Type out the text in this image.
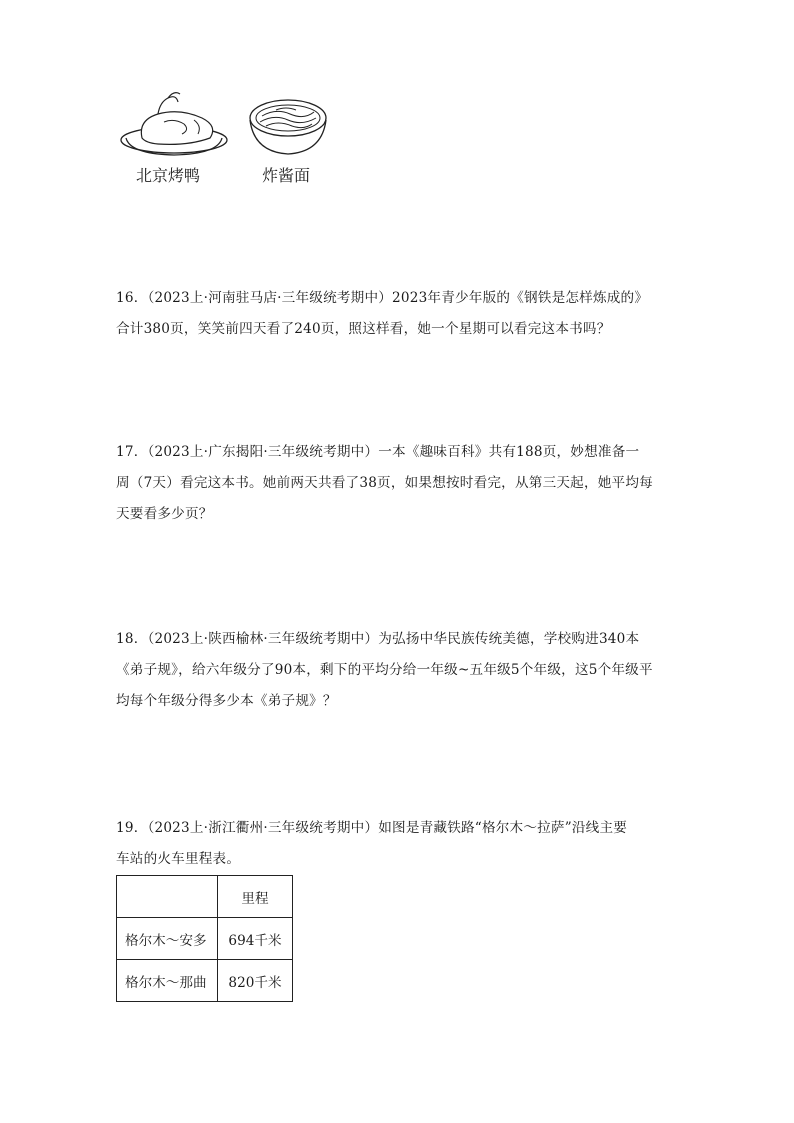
北京烤鸭	炸酱面

16．（2023上·河南驻马店·三年级统考期中）2023年青少年版的《钢铁是怎样炼成的》

合计380页，笑笑前四天看了240页，照这样看，她一个星期可以看完这本书吗？

17．（2023上·广东揭阳·三年级统考期中）一本《趣味百科》共有188页，妙想准备一

周（7天）看完这本书。她前两天共看了38页，如果想按时看完，从第三天起，她平均每

天要看多少页？

18．（2023上·陕西榆林·三年级统考期中）为弘扬中华民族传统美德，学校购进340本

《弟子规》，给六年级分了90本，剩下的平均分给一年级~五年级5个年级，这5个年级平

均每个年级分得多少本《弟子规》？

19．（2023上·浙江衢州·三年级统考期中）如图是青藏铁路“格尔木～拉萨”沿线主要

车站的火车里程表。

	里程
格尔木～安多	694千米
格尔木～那曲	820千米
